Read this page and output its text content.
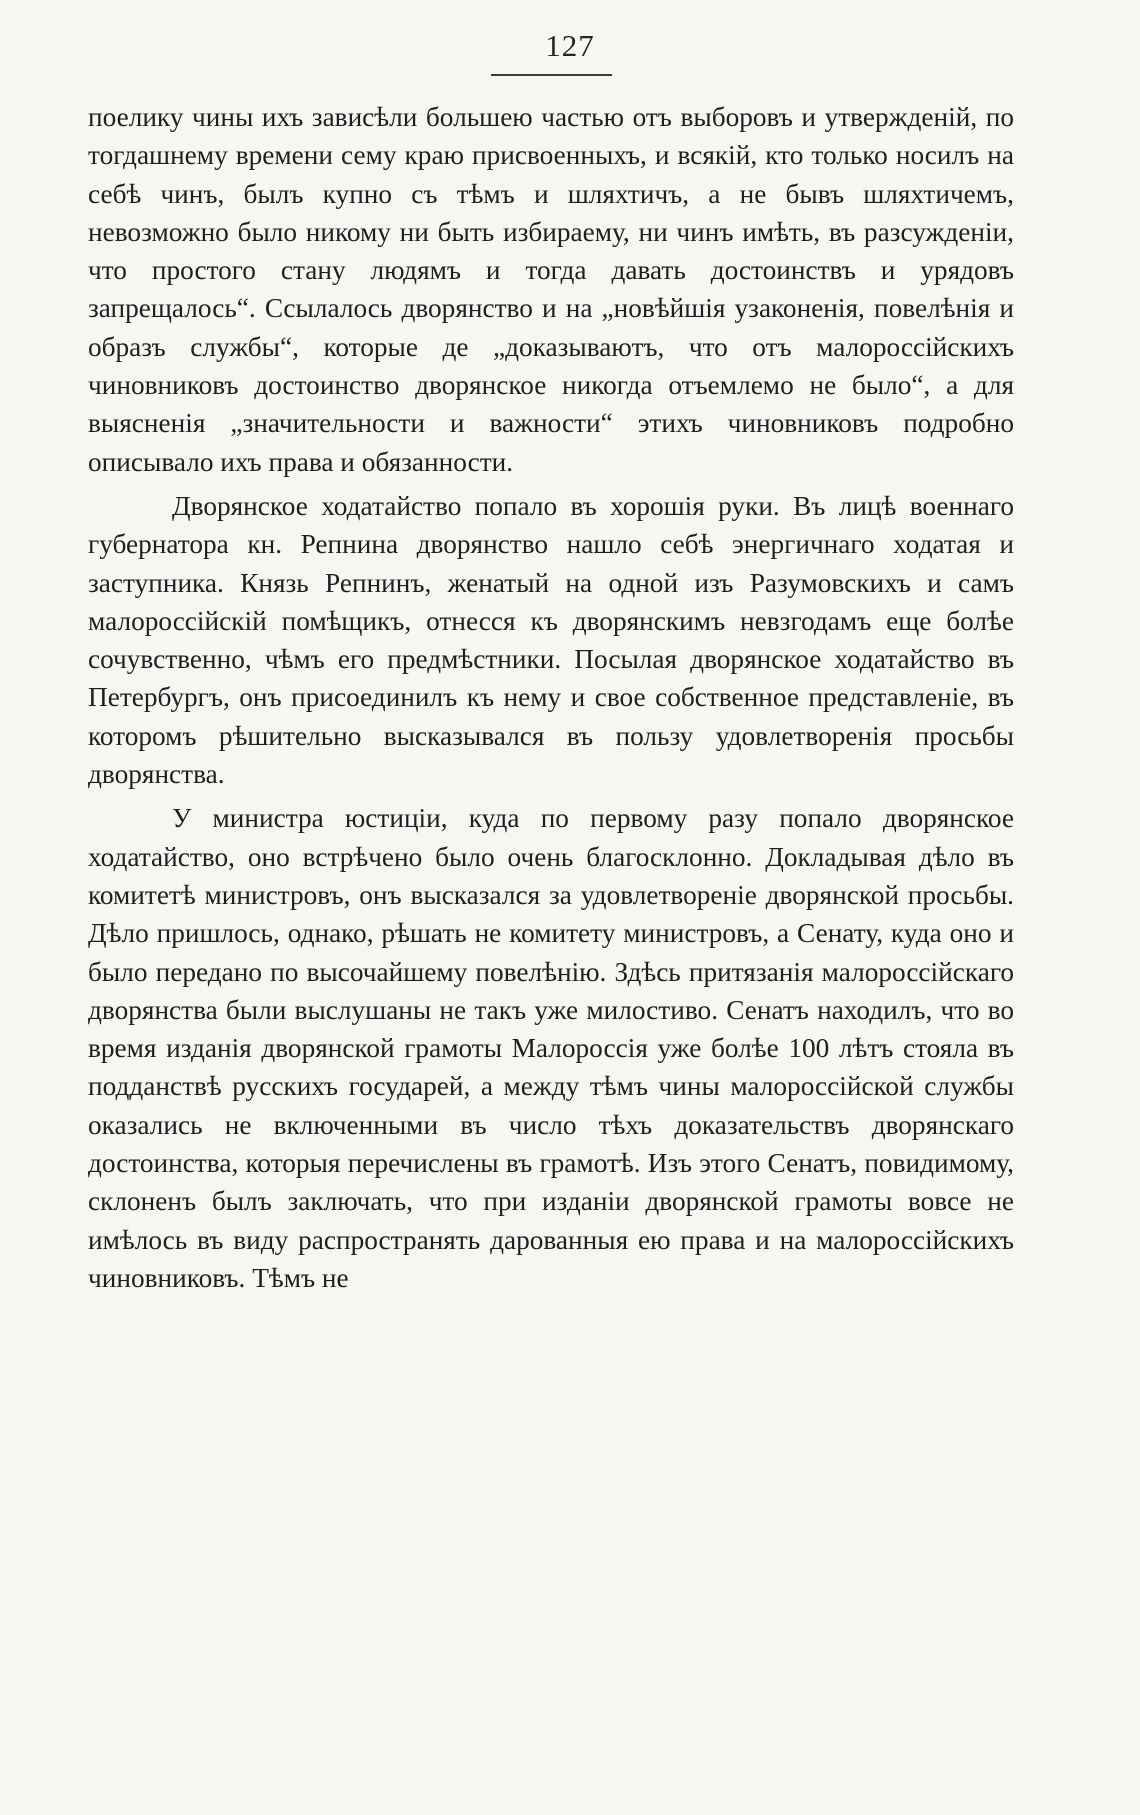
127

поелику чины ихъ зависѣли большею частью отъ выборовъ и утвержденій, по тогдашнему времени сему краю присвоенныхъ, и всякій, кто только носилъ на себѣ чинъ, былъ купно съ тѣмъ и шляхтичъ, а не бывъ шляхтичемъ, невозможно было никому ни быть избираему, ни чинъ имѣть, въ разсужденіи, что простого стану людямъ и тогда давать достоинствъ и урядовъ запрещалось“. Ссылалось дворянство и на „новѣйшія узаконенія, повелѣнія и образъ службы“, которые де „доказываютъ, что отъ малороссійскихъ чиновниковъ достоинство дворянское никогда отъемлемо не было“, а для выясненія „значительности и важности“ этихъ чиновниковъ подробно описывало ихъ права и обязанности.

Дворянское ходатайство попало въ хорошія руки. Въ лицѣ военнаго губернатора кн. Репнина дворянство нашло себѣ энергичнаго ходатая и заступника. Князь Репнинъ, женатый на одной изъ Разумовскихъ и самъ малороссійскій помѣщикъ, отнесся къ дворянскимъ невзгодамъ еще болѣе сочувственно, чѣмъ его предмѣстники. Посылая дворянское ходатайство въ Петербургъ, онъ присоединилъ къ нему и свое собственное представленіе, въ которомъ рѣшительно высказывался въ пользу удовлетворенія просьбы дворянства.

У министра юстиціи, куда по первому разу попало дворянское ходатайство, оно встрѣчено было очень благосклонно. Докладывая дѣло въ комитетѣ министровъ, онъ высказался за удовлетвореніе дворянской просьбы. Дѣло пришлось, однако, рѣшать не комитету министровъ, а Сенату, куда оно и было передано по высочайшему повелѣнію. Здѣсь притязанія малороссійскаго дворянства были выслушаны не такъ уже милостиво. Сенатъ находилъ, что во время изданія дворянской грамоты Малороссія уже болѣе 100 лѣтъ стояла въ подданствѣ русскихъ государей, а между тѣмъ чины малороссійской службы оказались не включенными въ число тѣхъ доказательствъ дворянскаго достоинства, которыя перечислены въ грамотѣ. Изъ этого Сенатъ, повидимому, склоненъ былъ заключать, что при изданіи дворянской грамоты вовсе не имѣлось въ виду распространять дарованныя ею права и на малороссійскихъ чиновниковъ. Тѣмъ не
